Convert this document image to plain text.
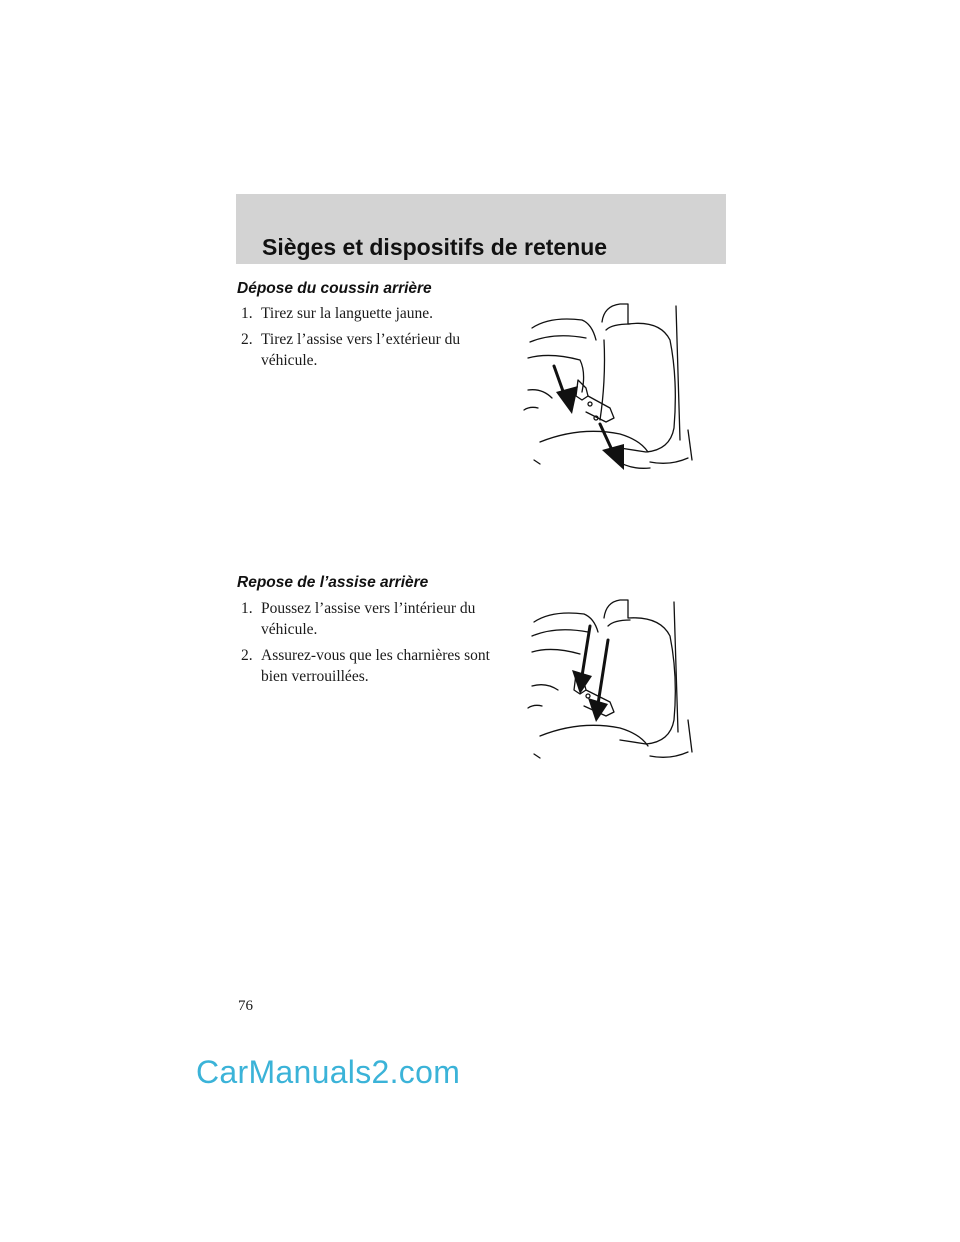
Sièges et dispositifs de retenue
Dépose du coussin arrière
1. Tirez sur la languette jaune.
2. Tirez l’assise vers l’extérieur du véhicule.
Repose de l’assise arrière
1. Poussez l’assise vers l’intérieur du véhicule.
2. Assurez-vous que les charnières sont bien verrouillées.
76
CarManuals2.com
